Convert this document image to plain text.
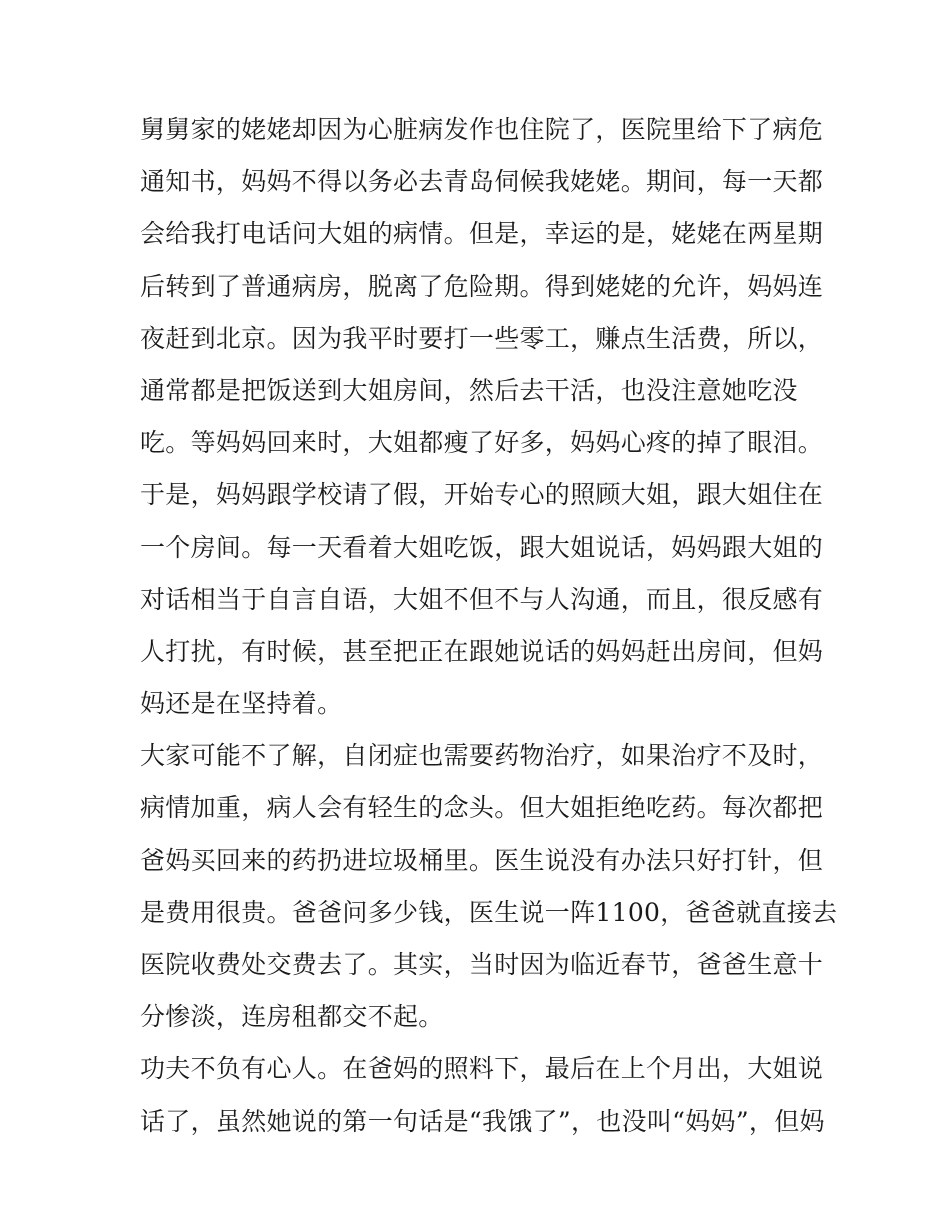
舅舅家的姥姥却因为心脏病发作也住院了，医院里给下了病危
通知书，妈妈不得以务必去青岛伺候我姥姥。期间，每一天都
会给我打电话问大姐的病情。但是，幸运的是，姥姥在两星期
后转到了普通病房，脱离了危险期。得到姥姥的允许，妈妈连
夜赶到北京。因为我平时要打一些零工，赚点生活费，所以，
通常都是把饭送到大姐房间，然后去干活，也没注意她吃没
吃。等妈妈回来时，大姐都瘦了好多，妈妈心疼的掉了眼泪。
于是，妈妈跟学校请了假，开始专心的照顾大姐，跟大姐住在
一个房间。每一天看着大姐吃饭，跟大姐说话，妈妈跟大姐的
对话相当于自言自语，大姐不但不与人沟通，而且，很反感有
人打扰，有时候，甚至把正在跟她说话的妈妈赶出房间，但妈
妈还是在坚持着。
大家可能不了解，自闭症也需要药物治疗，如果治疗不及时，
病情加重，病人会有轻生的念头。但大姐拒绝吃药。每次都把
爸妈买回来的药扔进垃圾桶里。医生说没有办法只好打针，但
是费用很贵。爸爸问多少钱，医生说一阵1100，爸爸就直接去
医院收费处交费去了。其实，当时因为临近春节，爸爸生意十
分惨淡，连房租都交不起。
功夫不负有心人。在爸妈的照料下，最后在上个月出，大姐说
话了，虽然她说的第一句话是“我饿了”，也没叫“妈妈”，但妈
